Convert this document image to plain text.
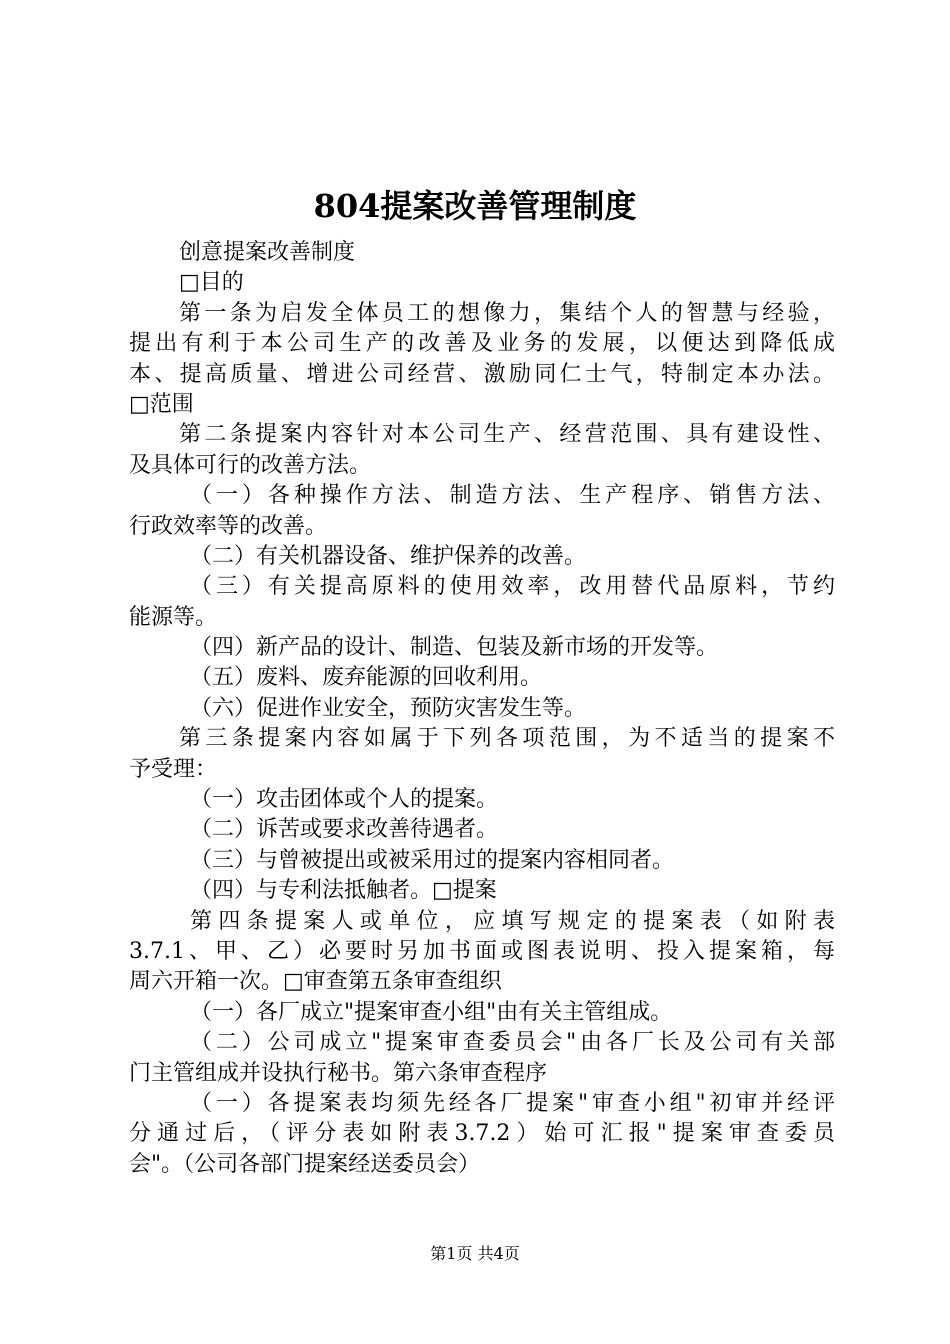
804提案改善管理制度
创意提案改善制度
□目的
第一条为启发全体员工的想像力，集结个人的智慧与经验，
提出有利于本公司生产的改善及业务的发展，以便达到降低成
本、提高质量、增进公司经营、激励同仁士气，特制定本办法。
□范围
第二条提案内容针对本公司生产、经营范围、具有建设性、
及具体可行的改善方法。
（一）各种操作方法、制造方法、生产程序、销售方法、
行政效率等的改善。
（二）有关机器设备、维护保养的改善。
（三）有关提高原料的使用效率，改用替代品原料，节约
能源等。
（四）新产品的设计、制造、包装及新市场的开发等。
（五）废料、废弃能源的回收利用。
（六）促进作业安全，预防灾害发生等。
第三条提案内容如属于下列各项范围，为不适当的提案不
予受理：
（一）攻击团体或个人的提案。
（二）诉苦或要求改善待遇者。
（三）与曾被提出或被采用过的提案内容相同者。
（四）与专利法抵触者。□提案
第四条提案人或单位，应填写规定的提案表（如附表
3.7.1、甲、乙）必要时另加书面或图表说明、投入提案箱，每
周六开箱一次。□审查第五条审查组织
（一）各厂成立"提案审查小组"由有关主管组成。
（二）公司成立"提案审查委员会"由各厂长及公司有关部
门主管组成并设执行秘书。第六条审查程序
（一）各提案表均须先经各厂提案"审查小组"初审并经评
分通过后，（评分表如附表3.7.2）始可汇报"提案审查委员
会"。（公司各部门提案经送委员会）
第1页 共4页
